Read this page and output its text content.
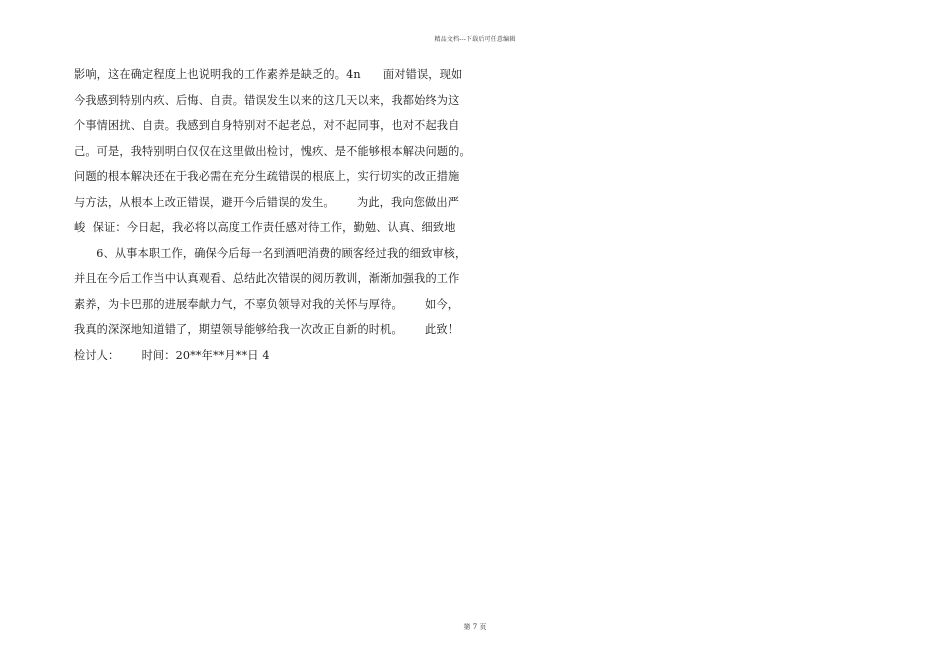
精品文档---下载后可任意编辑
影响，这在确定程度上也说明我的工作素养是缺乏的。4n      面对错误，现如
今我感到特别内疚、后悔、自责。错误发生以来的这几天以来，我都始终为这
个事情困扰、自责。我感到自身特别对不起老总，对不起同事，也对不起我自
己。可是，我特别明白仅仅在这里做出检讨，愧疚、是不能够根本解决问题的。
问题的根本解决还在于我必需在充分生疏错误的根底上，实行切实的改正措施
与方法，从根本上改正错误，避开今后错误的发生。      为此，我向您做出严
峻  保证：今日起，我必将以高度工作责任感对待工作，勤勉、认真、细致地
6、从事本职工作，确保今后每一名到酒吧消费的顾客经过我的细致审核，
并且在今后工作当中认真观看、总结此次错误的阅历教训，渐渐加强我的工作
素养，为卡巴那的进展奉献力气，不辜负领导对我的关怀与厚待。      如今，
我真的深深地知道错了，期望领导能够给我一次改正自新的时机。      此致！
检讨人：      时间：20**年**月**日 4
第 7 页
